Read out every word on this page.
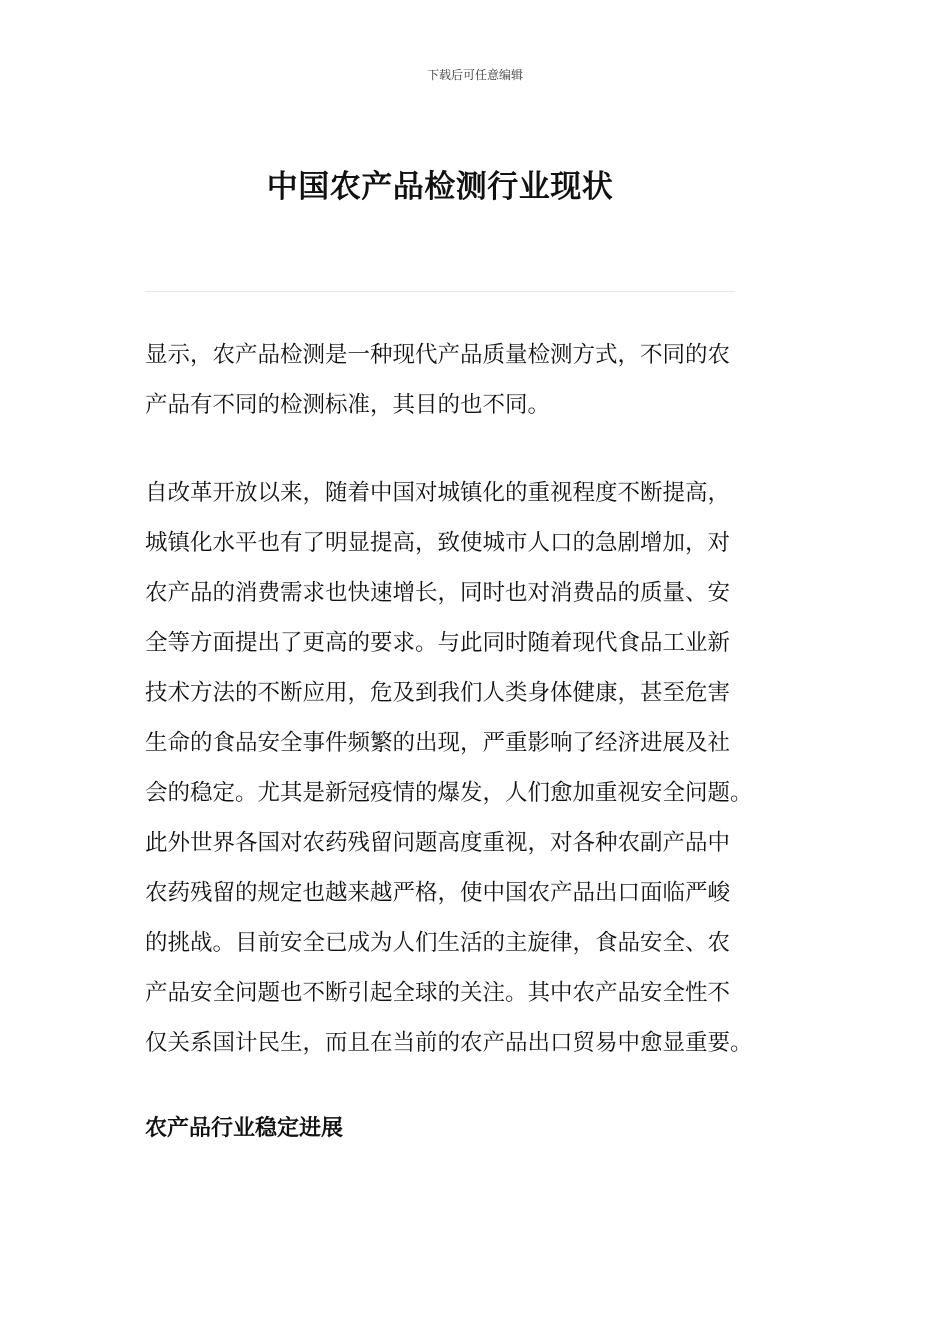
下载后可任意编辑
中国农产品检测行业现状

显示，农产品检测是一种现代产品质量检测方式，不同的农
产品有不同的检测标准，其目的也不同。

自改革开放以来，随着中国对城镇化的重视程度不断提高，
城镇化水平也有了明显提高，致使城市人口的急剧增加，对
农产品的消费需求也快速增长，同时也对消费品的质量、安
全等方面提出了更高的要求。与此同时随着现代食品工业新
技术方法的不断应用，危及到我们人类身体健康，甚至危害
生命的食品安全事件频繁的出现，严重影响了经济进展及社
会的稳定。尤其是新冠疫情的爆发，人们愈加重视安全问题。
此外世界各国对农药残留问题高度重视，对各种农副产品中
农药残留的规定也越来越严格，使中国农产品出口面临严峻
的挑战。目前安全已成为人们生活的主旋律，食品安全、农
产品安全问题也不断引起全球的关注。其中农产品安全性不
仅关系国计民生，而且在当前的农产品出口贸易中愈显重要。

农产品行业稳定进展
